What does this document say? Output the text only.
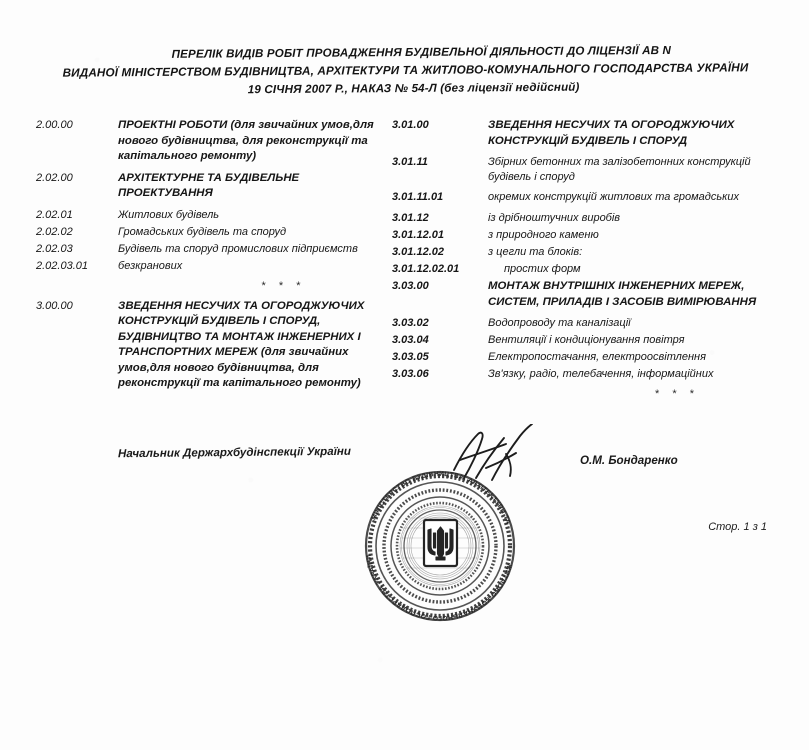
ПЕРЕЛІК ВИДІВ РОБІТ ПРОВАДЖЕННЯ БУДІВЕЛЬНОЇ ДІЯЛЬНОСТІ ДО ЛІЦЕНЗІЇ АВ N
ВИДАНОЇ МІНІСТЕРСТВОМ БУДІВНИЦТВА, АРХІТЕКТУРИ ТА ЖИТЛОВО-КОМУНАЛЬНОГО ГОСПОДАРСТВА УКРАЇНИ
19 СІЧНЯ 2007 Р., НАКАЗ № 54-Л (без ліцензії недійсний)
2.00.00	ПРОЕКТНІ РОБОТИ (для звичайних умов,для нового будівництва, для реконструкції та капітального ремонту)
2.02.00	АРХІТЕКТУРНЕ ТА БУДІВЕЛЬНЕ ПРОЕКТУВАННЯ
2.02.01	Житлових будівель
2.02.02	Громадських будівель та споруд
2.02.03	Будівель та споруд промислових підприємств
2.02.03.01	безкранових
* * *
3.00.00	ЗВЕДЕННЯ НЕСУЧИХ ТА ОГОРОДЖУЮЧИХ КОНСТРУКЦІЙ БУДІВЕЛЬ І СПОРУД, БУДІВНИЦТВО ТА МОНТАЖ ІНЖЕНЕРНИХ І ТРАНСПОРТНИХ МЕРЕЖ (для звичайних умов,для нового будівництва, для реконструкції та капітального ремонту)
3.01.00	ЗВЕДЕННЯ НЕСУЧИХ ТА ОГОРОДЖУЮЧИХ КОНСТРУКЦІЙ БУДІВЕЛЬ І СПОРУД
3.01.11	Збірних бетонних та залізобетонних конструкцій будівель і споруд
3.01.11.01	окремих конструкцій житлових та громадських
3.01.12	із дрібноштучних виробів
3.01.12.01	з природного каменю
3.01.12.02	з цегли та блоків:
3.01.12.02.01	простих форм
3.03.00	МОНТАЖ ВНУТРІШНІХ ІНЖЕНЕРНИХ МЕРЕЖ, СИСТЕМ, ПРИЛАДІВ І ЗАСОБІВ ВИМІРЮВАННЯ
3.03.02	Водопроводу та каналізації
3.03.04	Вентиляції і кондиціонування повітря
3.03.05	Електропостачання, електроосвітлення
3.03.06	Зв'язку, радіо, телебачення, інформаційних
* * *
Начальник Держархбудінспекції України
О.М. Бондаренко
МІНІСТЕРСТВО БУДІВНИЦТВА, АРХІТЕКТУРИ ТА
ЖИТЛОВО-КОМУНАЛЬНОГО ГОСПОДАРСТВА УКРАЇНИ
Стор. 1 з 1
